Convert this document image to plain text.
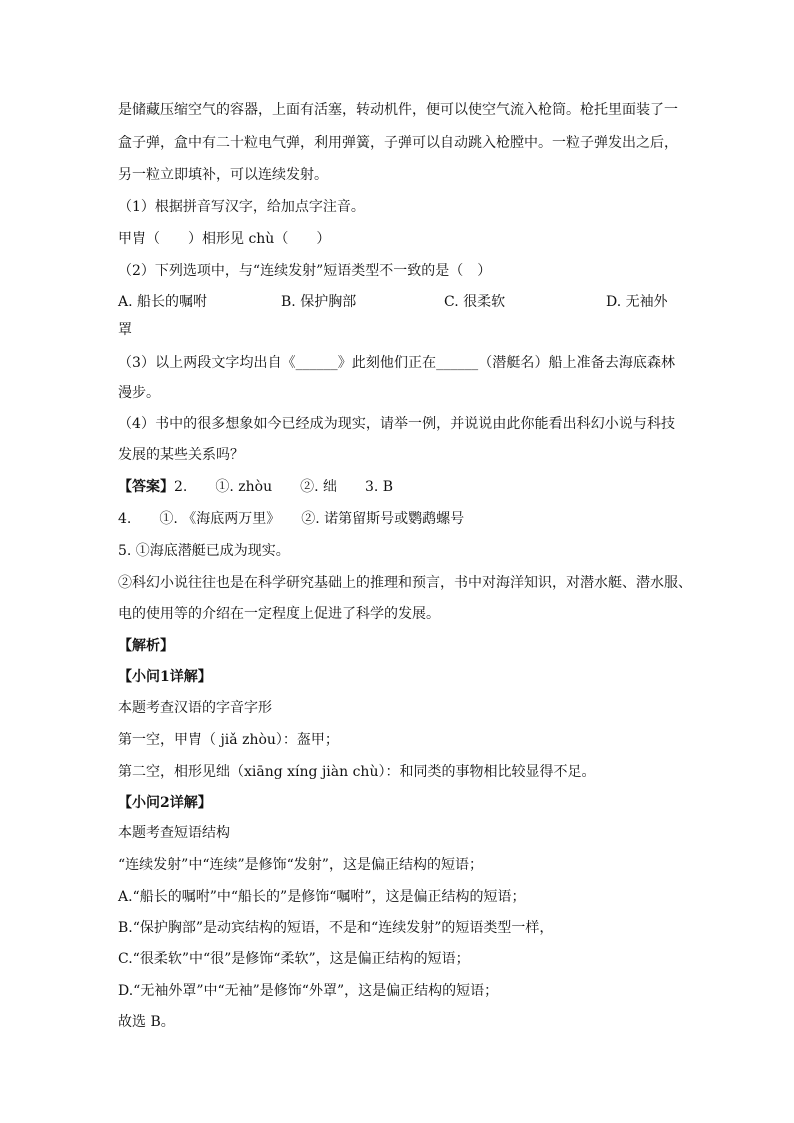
是储藏压缩空气的容器，上面有活塞，转动机件，便可以使空气流入枪筒。枪托里面装了一
盒子弹，盒中有二十粒电气弹，利用弹簧，子弹可以自动跳入枪膛中。一粒子弹发出之后，
另一粒立即填补，可以连续发射。
（1）根据拼音写汉字，给加点字注音。
甲胄（　　）相形见 chù（　　）
（2）下列选项中，与“连续发射”短语类型不一致的是（　）
A. 船长的嘱咐	B. 保护胸部	C. 很柔软	D. 无袖外
罩
（3）以上两段文字均出自《______》此刻他们正在______（潜艇名）船上准备去海底森林
漫步。
（4）书中的很多想象如今已经成为现实，请举一例，并说说由此你能看出科幻小说与科技
发展的某些关系吗？
【答案】2.　　①. zhòu　　②. 绌　　3. B
4.　　①. 《海底两万里》　　②. 诺第留斯号或鹦鹉螺号
5. ①海底潜艇已成为现实。
②科幻小说往往也是在科学研究基础上的推理和预言，书中对海洋知识，对潜水艇、潜水服、
电的使用等的介绍在一定程度上促进了科学的发展。
【解析】
【小问1详解】
本题考查汉语的字音字形
第一空，甲胄（ jiǎ zhòu）：盔甲；
第二空，相形见绌（xiāng xíng jiàn chù）：和同类的事物相比较显得不足。
【小问2详解】
本题考查短语结构
“连续发射”中“连续”是修饰“发射”，这是偏正结构的短语；
A.“船长的嘱咐”中“船长的”是修饰“嘱咐”，这是偏正结构的短语；
B.“保护胸部”是动宾结构的短语，不是和“连续发射”的短语类型一样，
C.“很柔软”中“很”是修饰“柔软”，这是偏正结构的短语；
D.“无袖外罩”中“无袖”是修饰“外罩”，这是偏正结构的短语；
故选 B。
